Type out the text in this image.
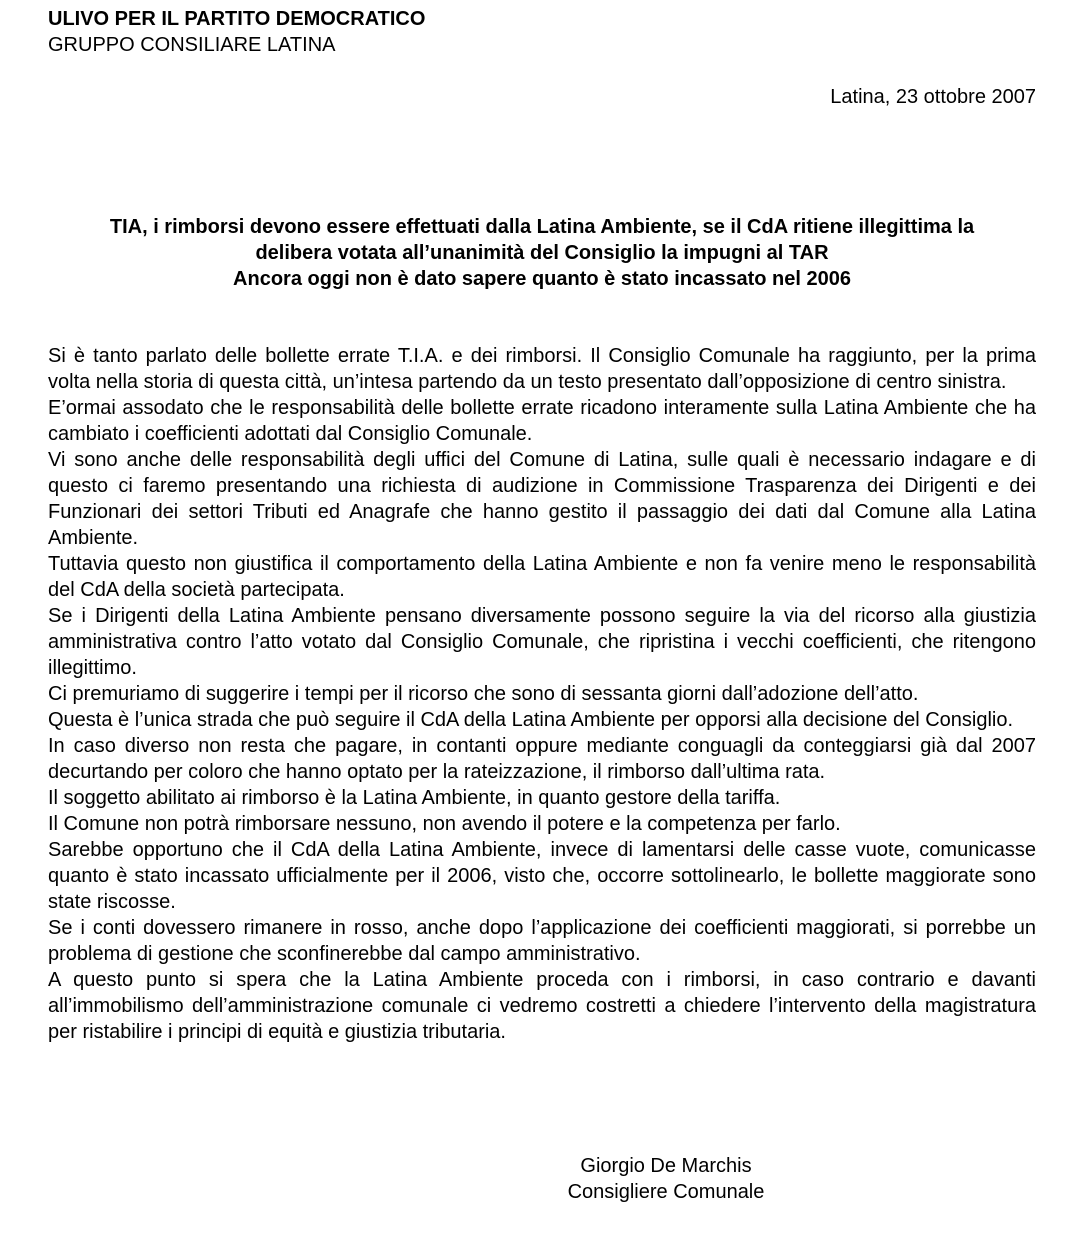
ULIVO PER IL PARTITO DEMOCRATICO
GRUPPO CONSILIARE LATINA
Latina, 23 ottobre 2007
TIA, i rimborsi devono essere effettuati dalla Latina Ambiente, se il CdA ritiene illegittima la
delibera votata all’unanimità del Consiglio la impugni al TAR
Ancora oggi non è dato sapere quanto è stato incassato nel 2006

Si è tanto parlato delle bollette errate T.I.A. e dei rimborsi. Il Consiglio Comunale ha raggiunto, per la prima volta nella storia di questa città, un’intesa partendo da un testo presentato dall’opposizione di centro sinistra.

E’ormai assodato che le responsabilità delle bollette errate ricadono interamente sulla Latina Ambiente che ha cambiato i coefficienti adottati dal Consiglio Comunale.

Vi sono anche delle responsabilità degli uffici del Comune di Latina, sulle quali è necessario indagare e di questo ci faremo presentando una richiesta di audizione in Commissione Trasparenza dei Dirigenti e dei Funzionari dei settori Tributi ed Anagrafe che hanno gestito il passaggio dei dati dal Comune alla Latina Ambiente.

Tuttavia questo non giustifica il comportamento della Latina Ambiente e non fa venire meno le responsabilità del CdA della società partecipata.

Se i Dirigenti della Latina Ambiente pensano diversamente possono seguire la via del ricorso alla giustizia amministrativa contro l’atto votato dal Consiglio Comunale, che ripristina i vecchi coefficienti, che ritengono illegittimo.

Ci premuriamo di suggerire i tempi per il ricorso che sono di sessanta giorni dall’adozione dell’atto.

Questa è l’unica strada che può seguire il CdA della Latina Ambiente per opporsi alla decisione del Consiglio.

In caso diverso non resta che pagare, in contanti oppure mediante conguagli da conteggiarsi già dal 2007 decurtando per coloro che hanno optato per la rateizzazione, il rimborso dall’ultima rata.

Il soggetto abilitato ai rimborso è la Latina Ambiente, in quanto gestore della tariffa.

Il Comune non potrà rimborsare nessuno, non avendo il potere e la competenza per farlo.

Sarebbe opportuno che il CdA della Latina Ambiente, invece di lamentarsi delle casse vuote, comunicasse quanto è stato incassato ufficialmente per il 2006, visto che, occorre sottolinearlo, le bollette maggiorate sono state riscosse.

Se i conti dovessero rimanere in rosso, anche dopo l’applicazione dei coefficienti maggiorati, si porrebbe un problema di gestione che sconfinerebbe dal campo amministrativo.

A questo punto si spera che la Latina Ambiente proceda con i rimborsi, in caso contrario e davanti all’immobilismo dell’amministrazione comunale ci vedremo costretti a chiedere l’intervento della magistratura per ristabilire i principi di equità e giustizia tributaria.

Giorgio De Marchis
Consigliere Comunale
